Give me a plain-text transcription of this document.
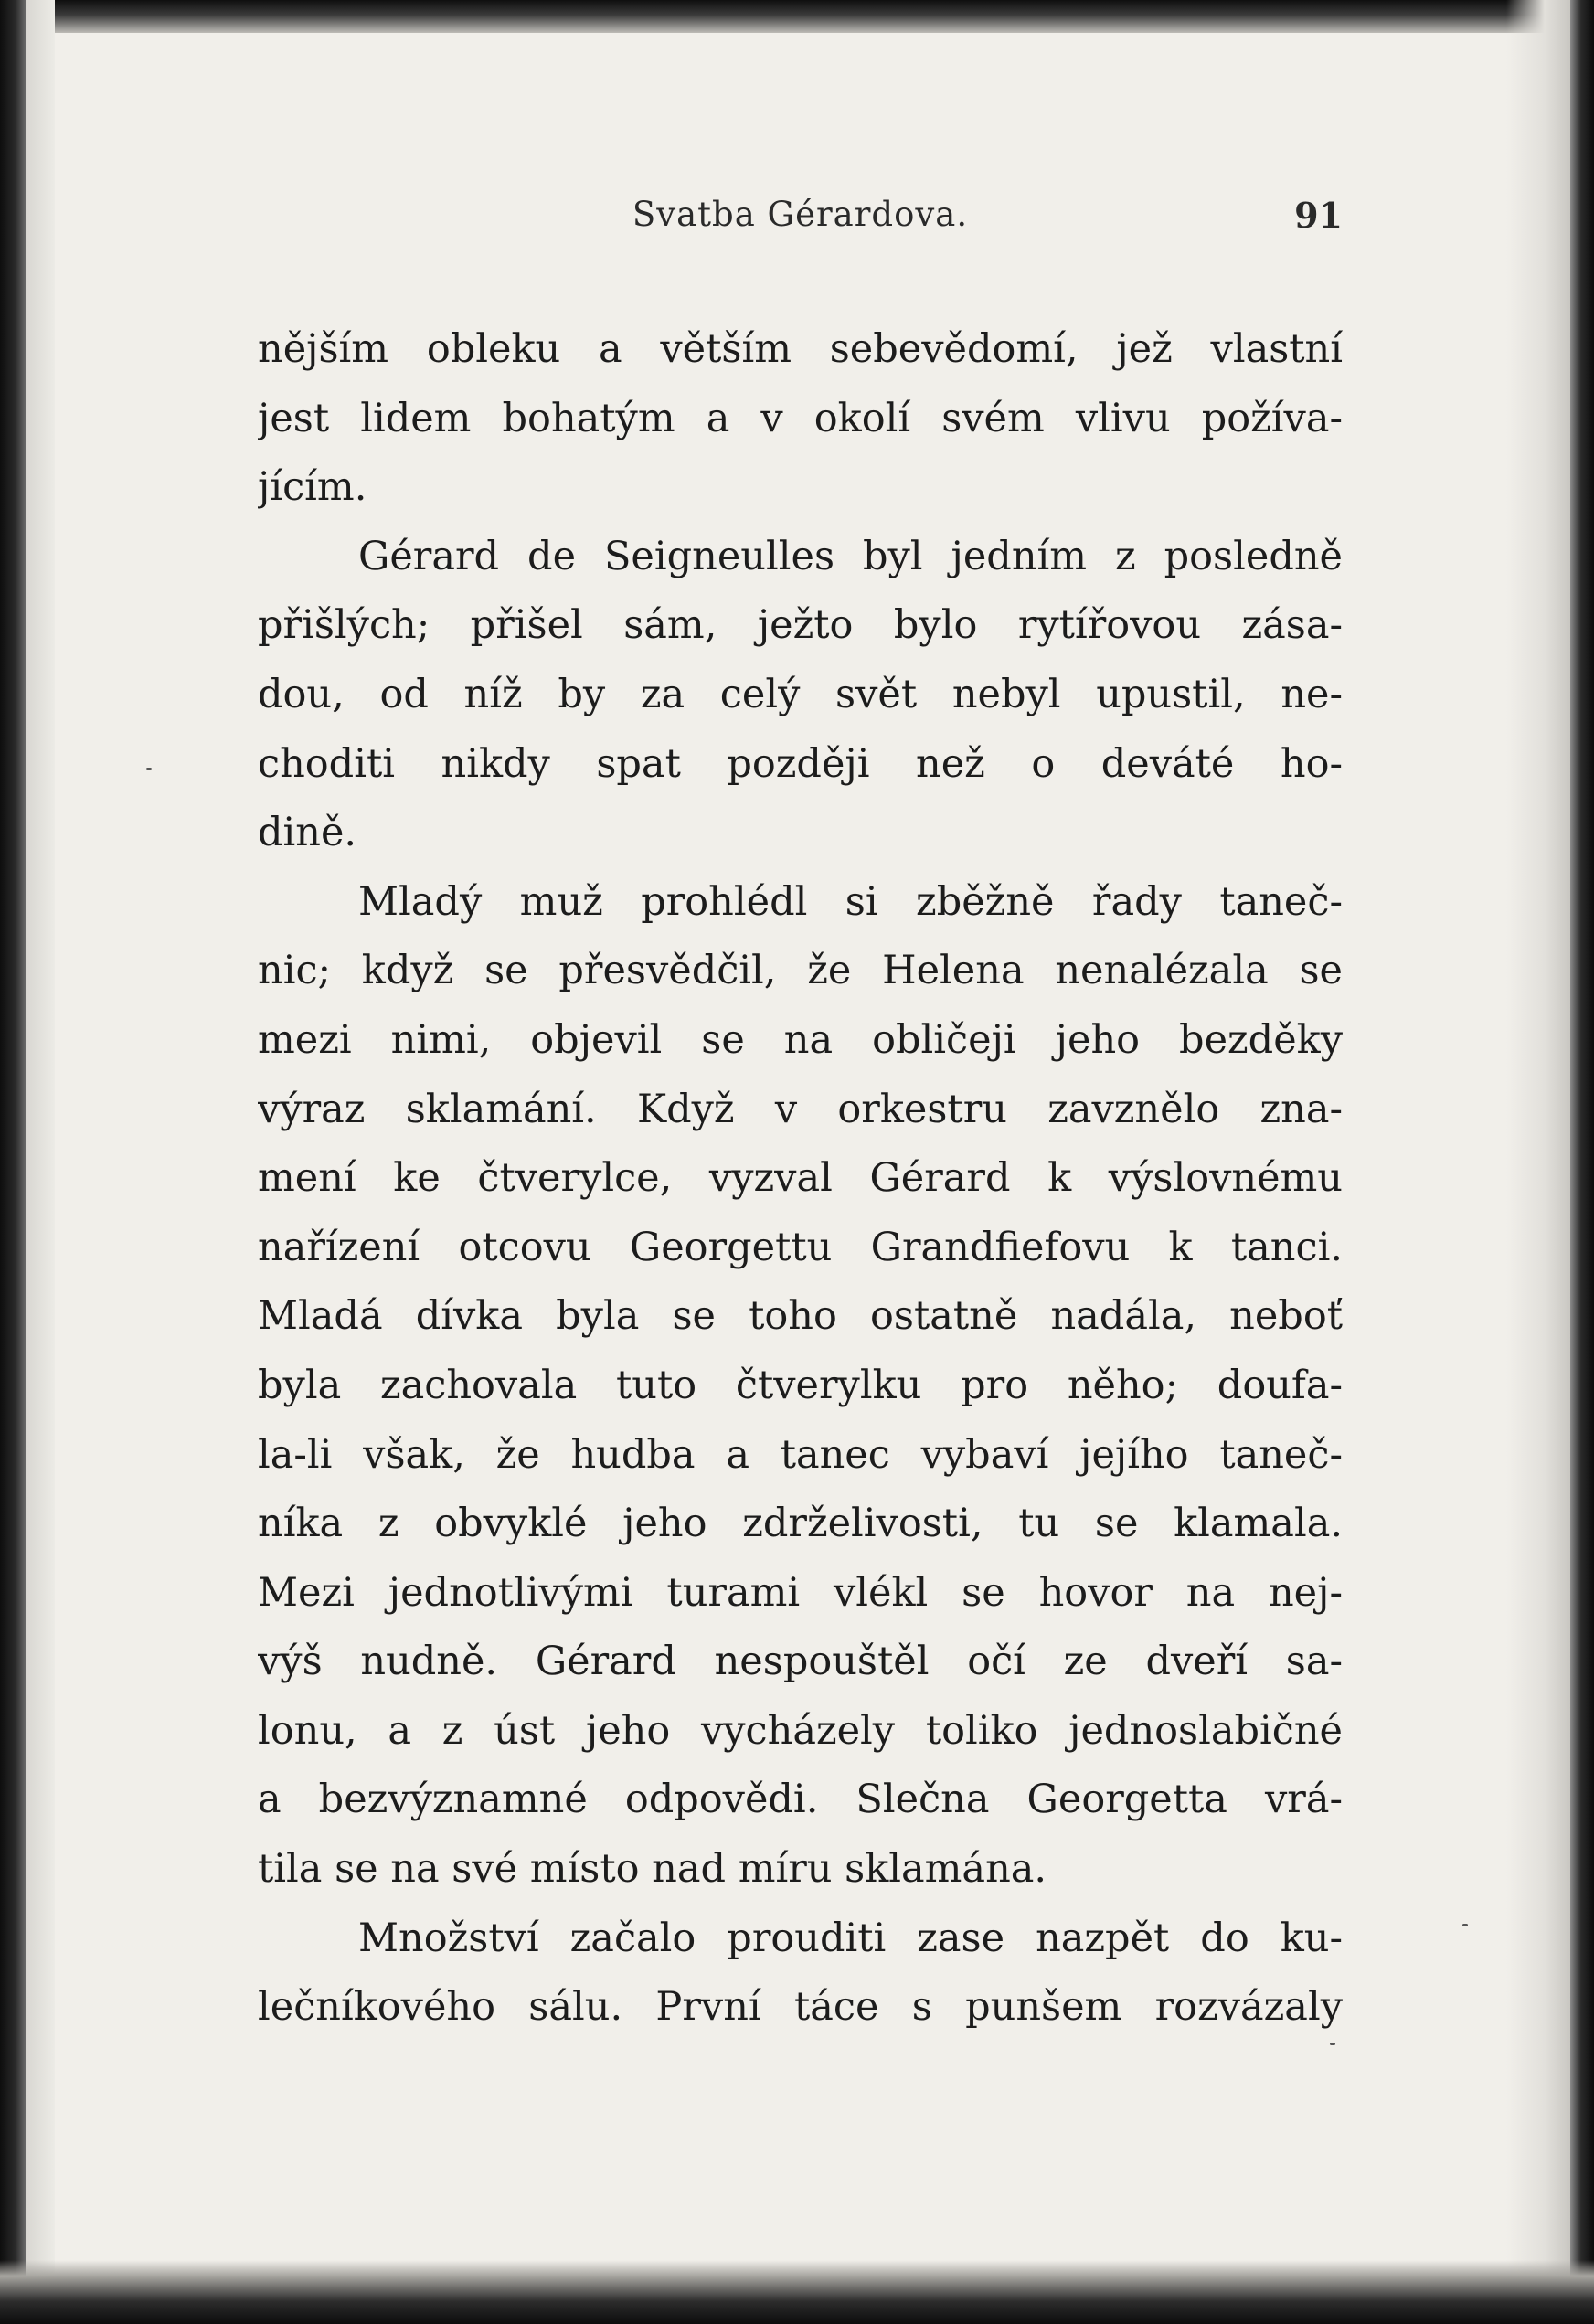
Svatba Gérardova.	91
nějším obleku a větším sebevědomí, jež vlastní
jest lidem bohatým a v okolí svém vlivu požíva-
jícím.
Gérard de Seigneulles byl jedním z posledně
přišlých; přišel sám, ježto bylo rytířovou zása-
dou, od níž by za celý svět nebyl upustil, ne-
choditi nikdy spat později než o deváté ho-
dině.
Mladý muž prohlédl si zběžně řady taneč-
nic; když se přesvědčil, že Helena nenalézala se
mezi nimi, objevil se na obličeji jeho bezděky
výraz sklamání. Když v orkestru zavznělo zna-
mení ke čtverylce, vyzval Gérard k výslovnému
nařízení otcovu Georgettu Grandfiefovu k tanci.
Mladá dívka byla se toho ostatně nadála, neboť
byla zachovala tuto čtverylku pro něho; doufa-
la-li však, že hudba a tanec vybaví jejího taneč-
níka z obvyklé jeho zdrželivosti, tu se klamala.
Mezi jednotlivými turami vlékl se hovor na nej-
výš nudně. Gérard nespouštěl očí ze dveří sa-
lonu, a z úst jeho vycházely toliko jednoslabičné
a bezvýznamné odpovědi. Slečna Georgetta vrá-
tila se na své místo nad míru sklamána.
Množství začalo prouditi zase nazpět do ku-
lečníkového sálu. První táce s punšem rozvázaly
